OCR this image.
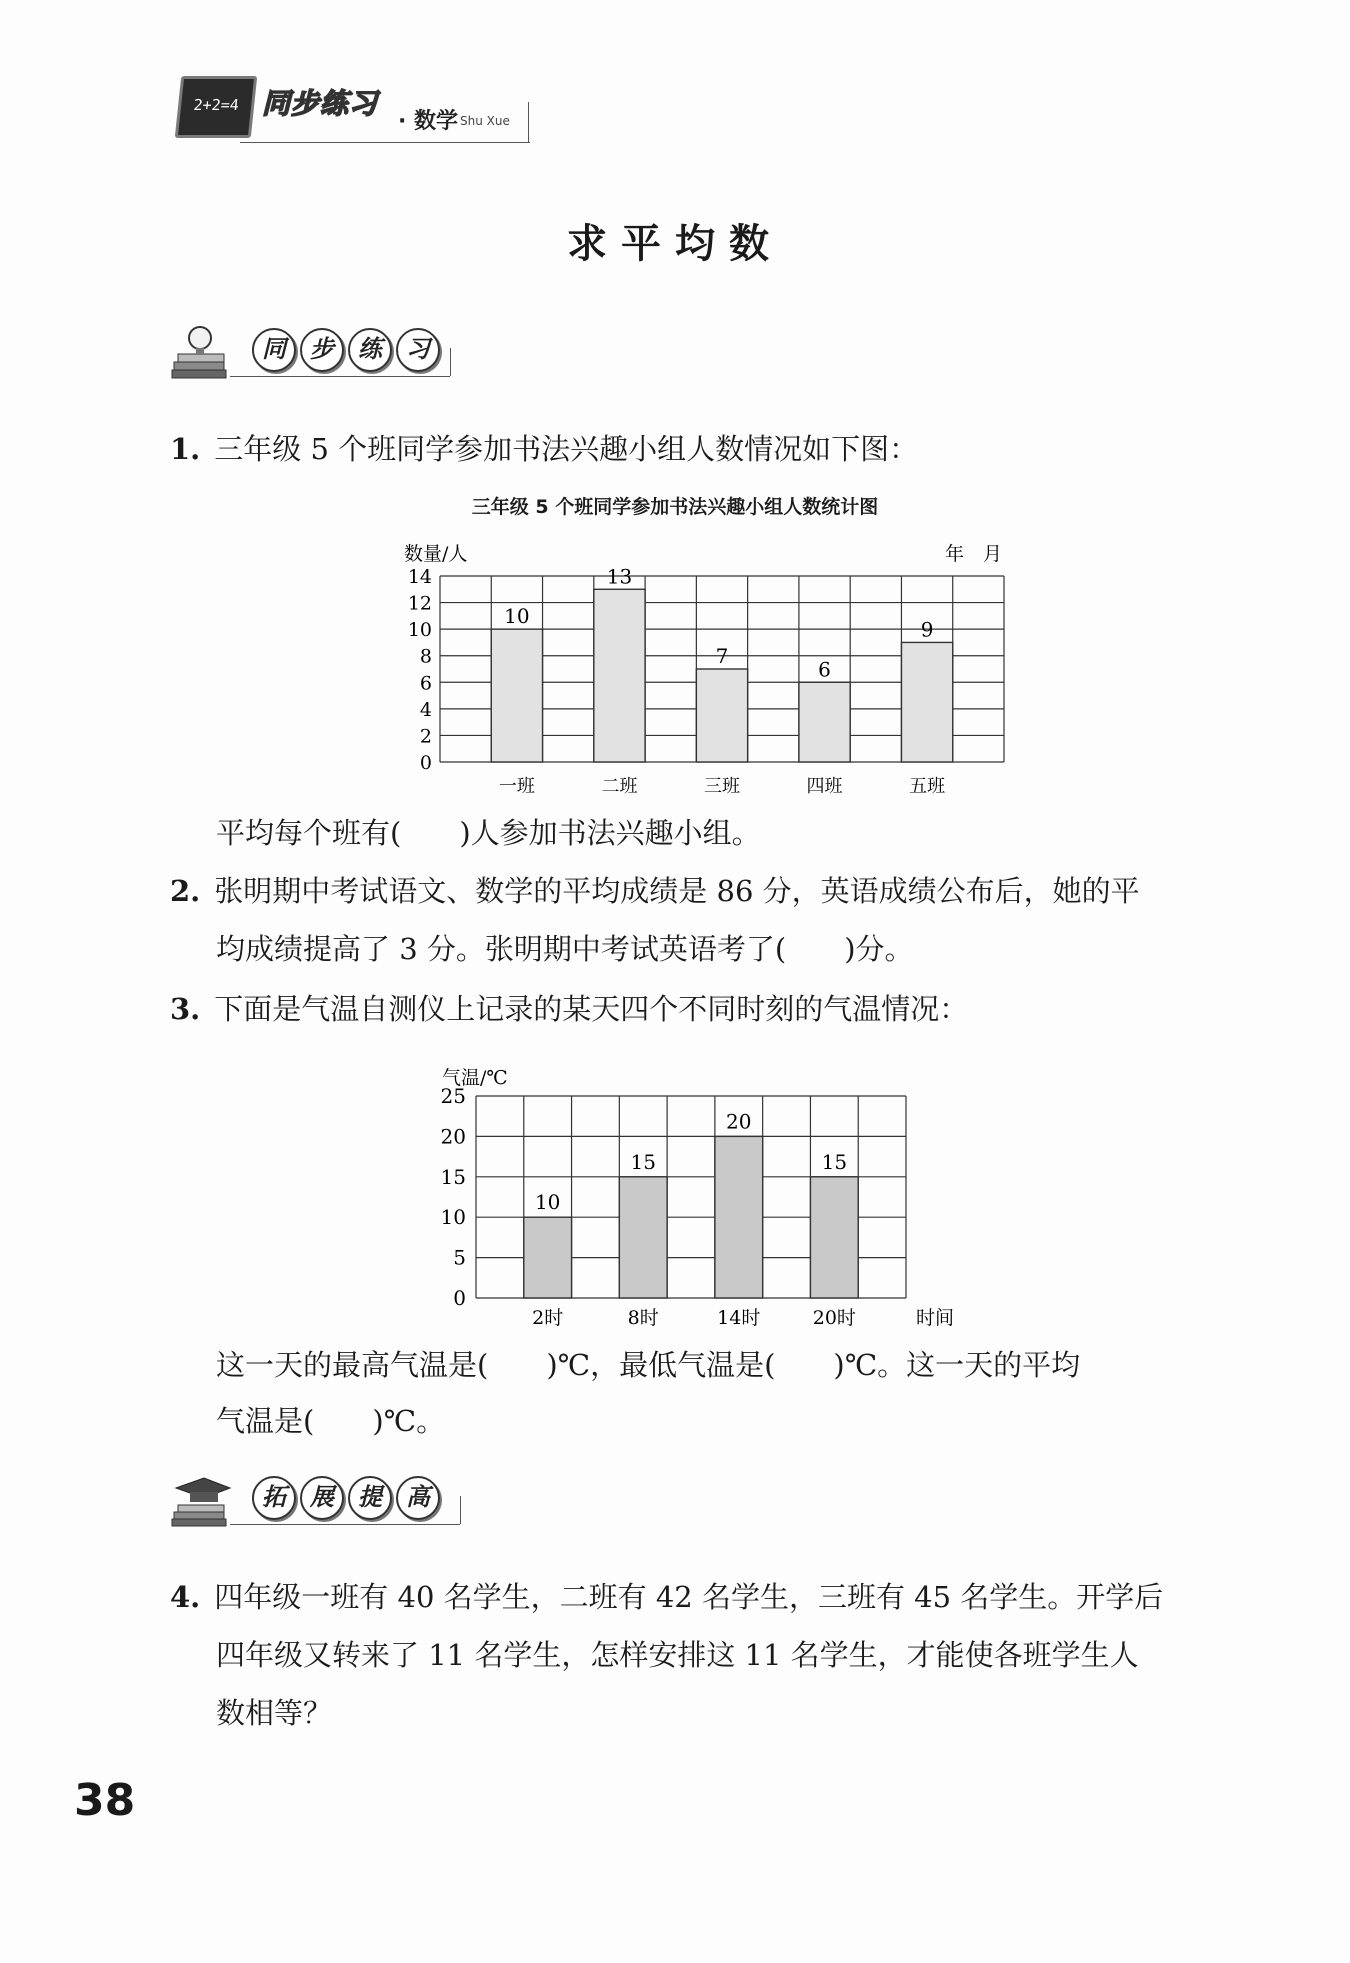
2+2=4 同步练习
· 数学 Shu Xue
求平均数
同	步	练	习
1. 三年级 5 个班同学参加书法兴趣小组人数情况如下图：
三年级 5 个班同学参加书法兴趣小组人数统计图
0
2
4
6
8
10
12
14
数量/人	年　月
10
一班
13
二班
7
三班
6
四班
9
五班
平均每个班有(　　)人参加书法兴趣小组。
2. 张明期中考试语文、数学的平均成绩是 86 分，英语成绩公布后，她的平
均成绩提高了 3 分。张明期中考试英语考了(　　)分。
3. 下面是气温自测仪上记录的某天四个不同时刻的气温情况：
0
5
10
15
20
25
气温/℃
时间
10
2时
15
8时
20
14时
15
20时
这一天的最高气温是(　　)℃，最低气温是(　　)℃。这一天的平均
气温是(　　)℃。
拓	展	提	高
4. 四年级一班有 40 名学生，二班有 42 名学生，三班有 45 名学生。开学后
四年级又转来了 11 名学生，怎样安排这 11 名学生，才能使各班学生人
数相等？
38
